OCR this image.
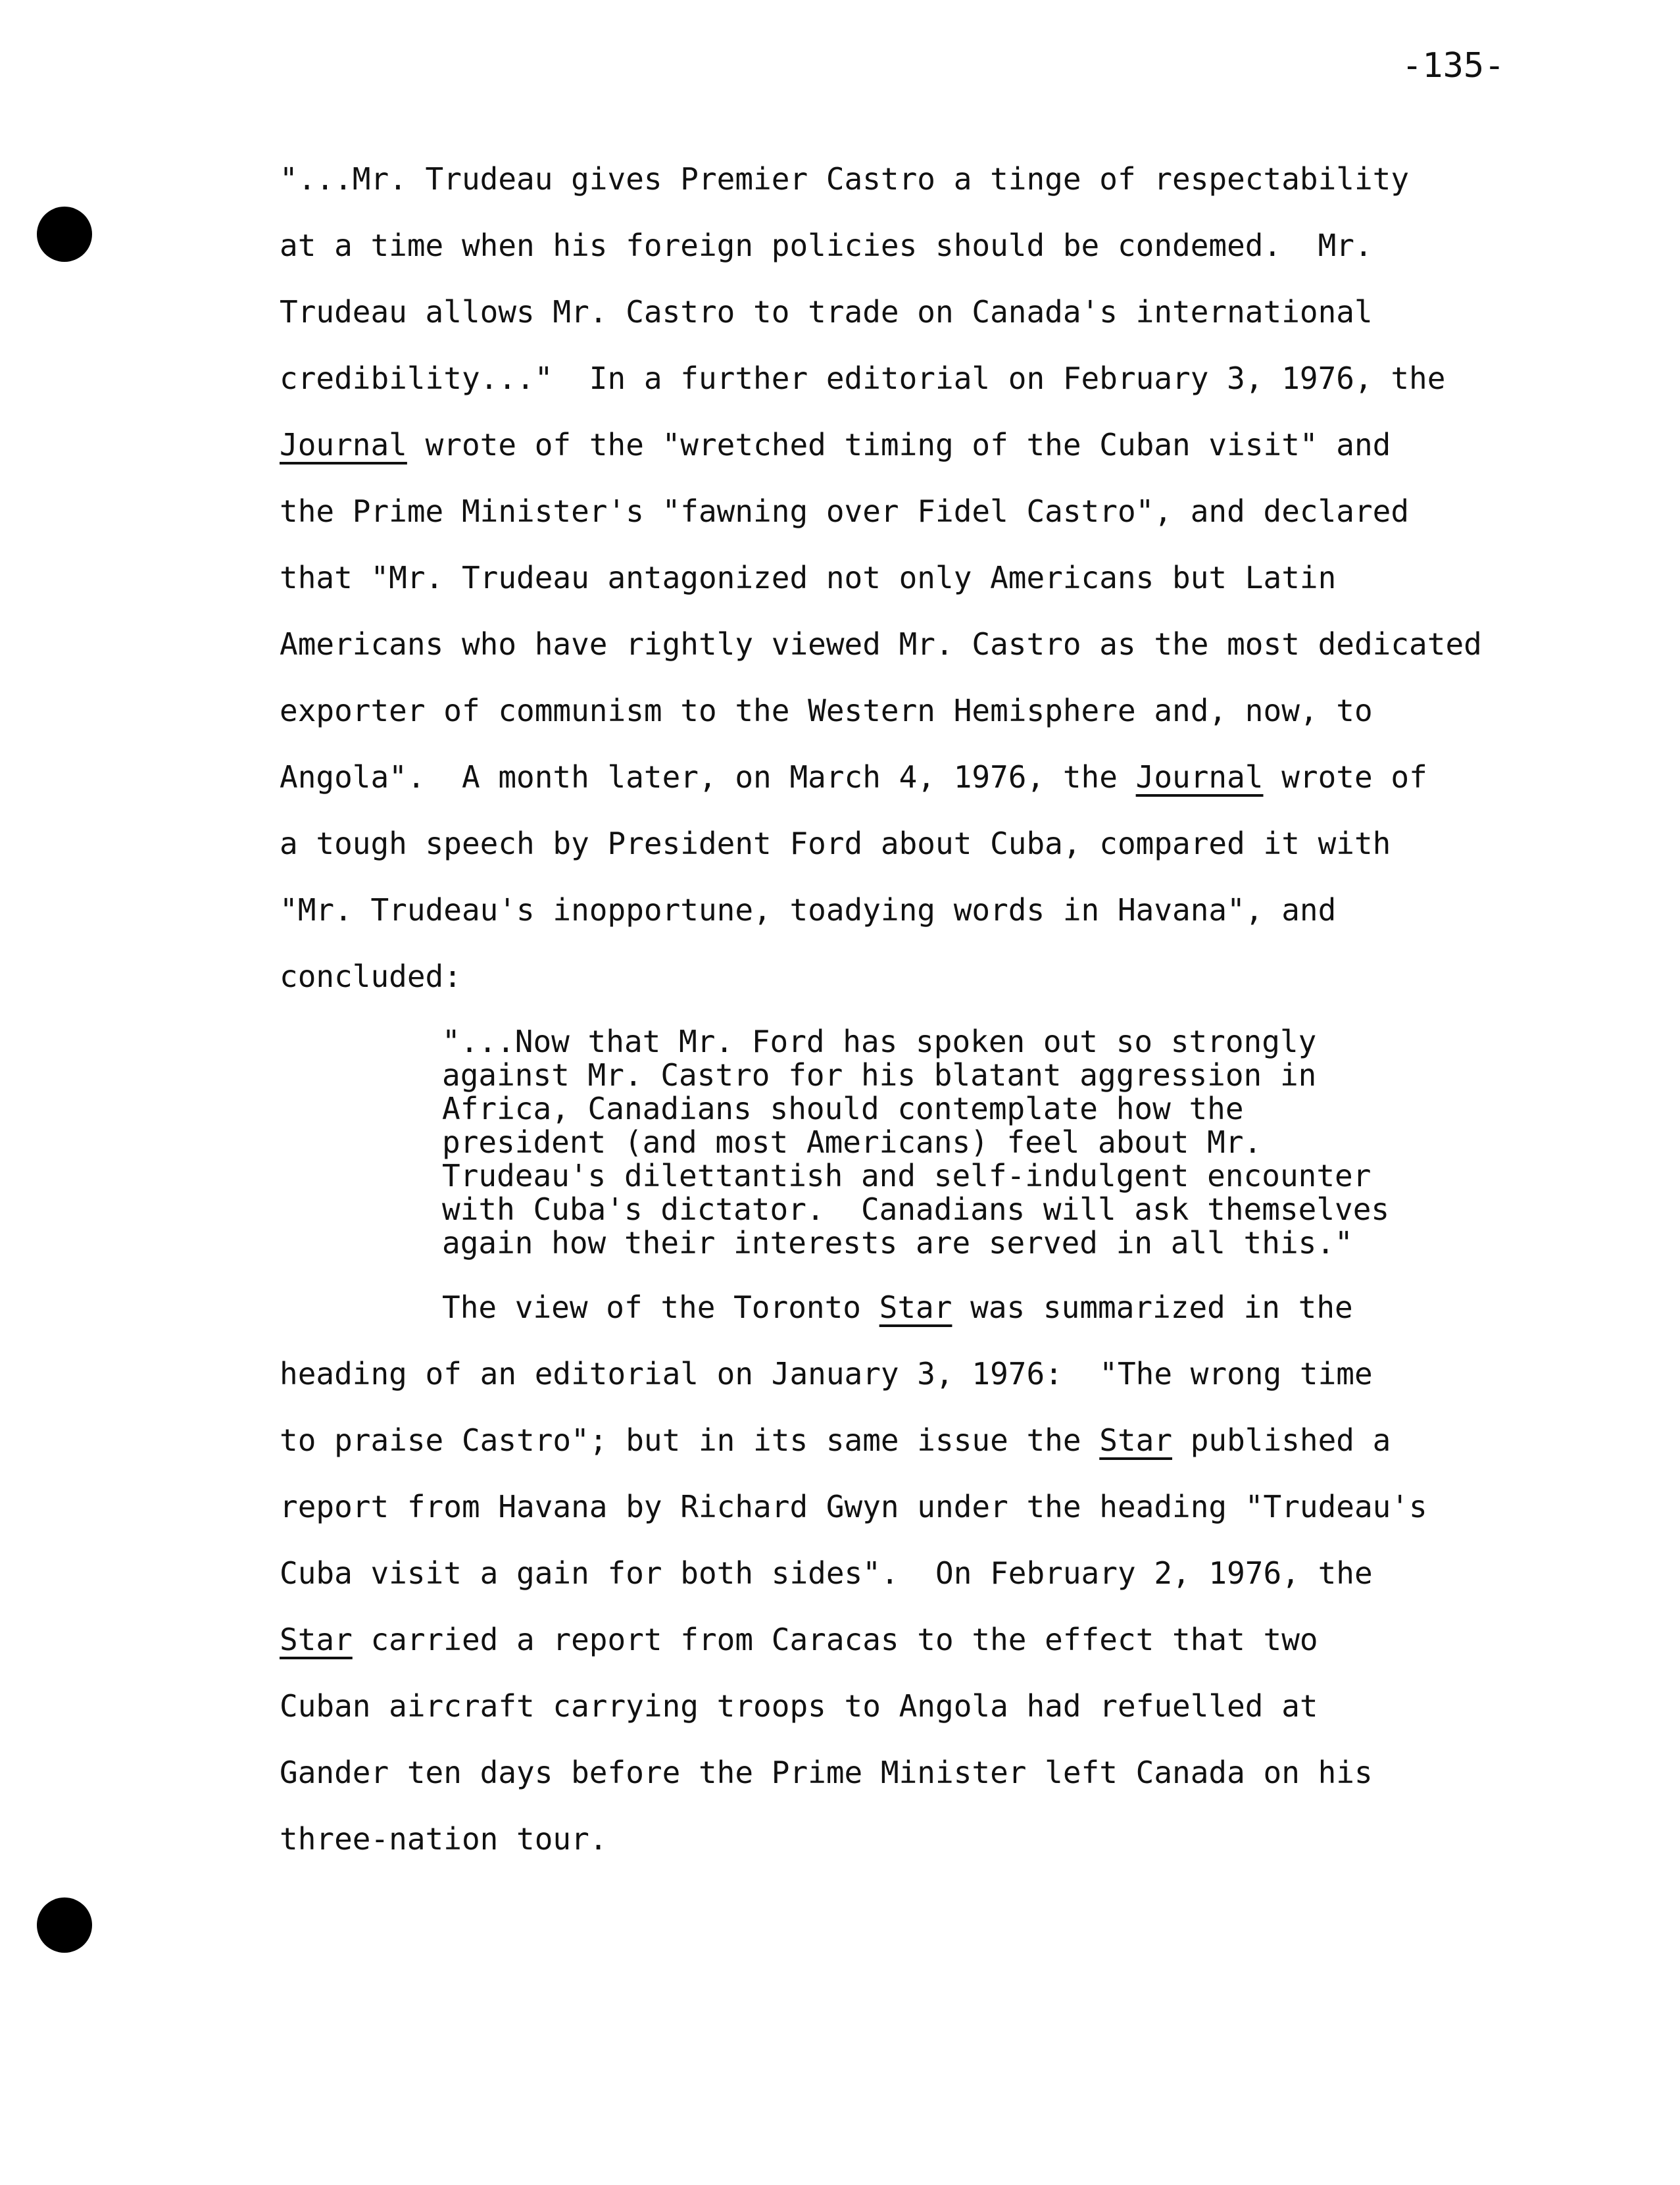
-135-
"...Mr. Trudeau gives Premier Castro a tinge of respectability
at a time when his foreign policies should be condemed.  Mr.
Trudeau allows Mr. Castro to trade on Canada's international
credibility..."  In a further editorial on February 3, 1976, the
Journal wrote of the "wretched timing of the Cuban visit" and
the Prime Minister's "fawning over Fidel Castro", and declared
that "Mr. Trudeau antagonized not only Americans but Latin
Americans who have rightly viewed Mr. Castro as the most dedicated
exporter of communism to the Western Hemisphere and, now, to
Angola".  A month later, on March 4, 1976, the Journal wrote of
a tough speech by President Ford about Cuba, compared it with
"Mr. Trudeau's inopportune, toadying words in Havana", and
concluded:
"...Now that Mr. Ford has spoken out so strongly
against Mr. Castro for his blatant aggression in
Africa, Canadians should contemplate how the
president (and most Americans) feel about Mr.
Trudeau's dilettantish and self-indulgent encounter
with Cuba's dictator.  Canadians will ask themselves
again how their interests are served in all this."
The view of the Toronto Star was summarized in the
heading of an editorial on January 3, 1976:  "The wrong time
to praise Castro"; but in its same issue the Star published a
report from Havana by Richard Gwyn under the heading "Trudeau's
Cuba visit a gain for both sides".  On February 2, 1976, the
Star carried a report from Caracas to the effect that two
Cuban aircraft carrying troops to Angola had refuelled at
Gander ten days before the Prime Minister left Canada on his
three-nation tour.
